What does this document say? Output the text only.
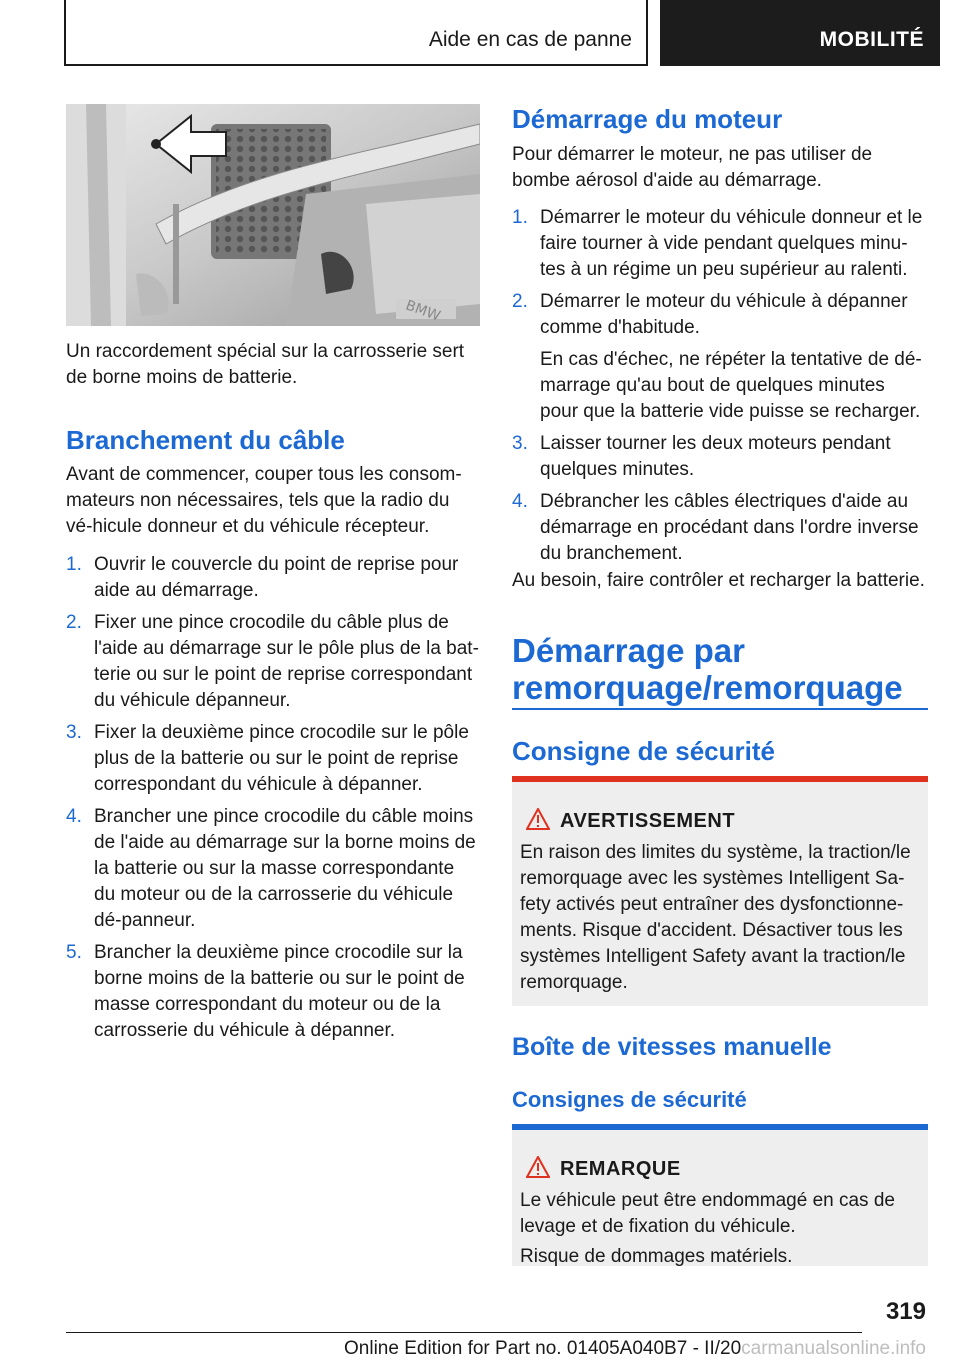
Aide en cas de panne	MOBILITÉ
BMW

Un raccordement spécial sur la carrosserie sert de borne moins de batterie.

Branchement du câble

Avant de commencer, couper tous les consom-mateurs non nécessaires, tels que la radio du vé-hicule donneur et du véhicule récepteur.

1. Ouvrir le couvercle du point de reprise pour aide au démarrage.
2. Fixer une pince crocodile du câble plus de l'aide au démarrage sur le pôle plus de la bat-terie ou sur le point de reprise correspondant du véhicule dépanneur.
3. Fixer la deuxième pince crocodile sur le pôle plus de la batterie ou sur le point de reprise correspondant du véhicule à dépanner.
4. Brancher une pince crocodile du câble moins de l'aide au démarrage sur la borne moins de la batterie ou sur la masse correspondante du moteur ou de la carrosserie du véhicule dé-panneur.
5. Brancher la deuxième pince crocodile sur la borne moins de la batterie ou sur le point de masse correspondant du moteur ou de la carrosserie du véhicule à dépanner.
Démarrage du moteur

Pour démarrer le moteur, ne pas utiliser de bombe aérosol d'aide au démarrage.

1. Démarrer le moteur du véhicule donneur et le faire tourner à vide pendant quelques minu-tes à un régime un peu supérieur au ralenti.
2. Démarrer le moteur du véhicule à dépanner comme d'habitude.
En cas d'échec, ne répéter la tentative de dé-marrage qu'au bout de quelques minutes pour que la batterie vide puisse se recharger.
3. Laisser tourner les deux moteurs pendant quelques minutes.
4. Débrancher les câbles électriques d'aide au démarrage en procédant dans l'ordre inverse du branchement.

Au besoin, faire contrôler et recharger la batterie.

Démarrage par remorquage/remorquage
Consigne de sécurité
AVERTISSEMENT

En raison des limites du système, la traction/le remorquage avec les systèmes Intelligent Sa-fety activés peut entraîner des dysfonctionne-ments. Risque d'accident. Désactiver tous les systèmes Intelligent Safety avant la traction/le remorquage.

Boîte de vitesses manuelle
Consignes de sécurité
REMARQUE

Le véhicule peut être endommagé en cas de levage et de fixation du véhicule.

Risque de dommages matériels.

319
Online Edition for Part no. 01405A040B7 - II/20carmanualsonline.info
